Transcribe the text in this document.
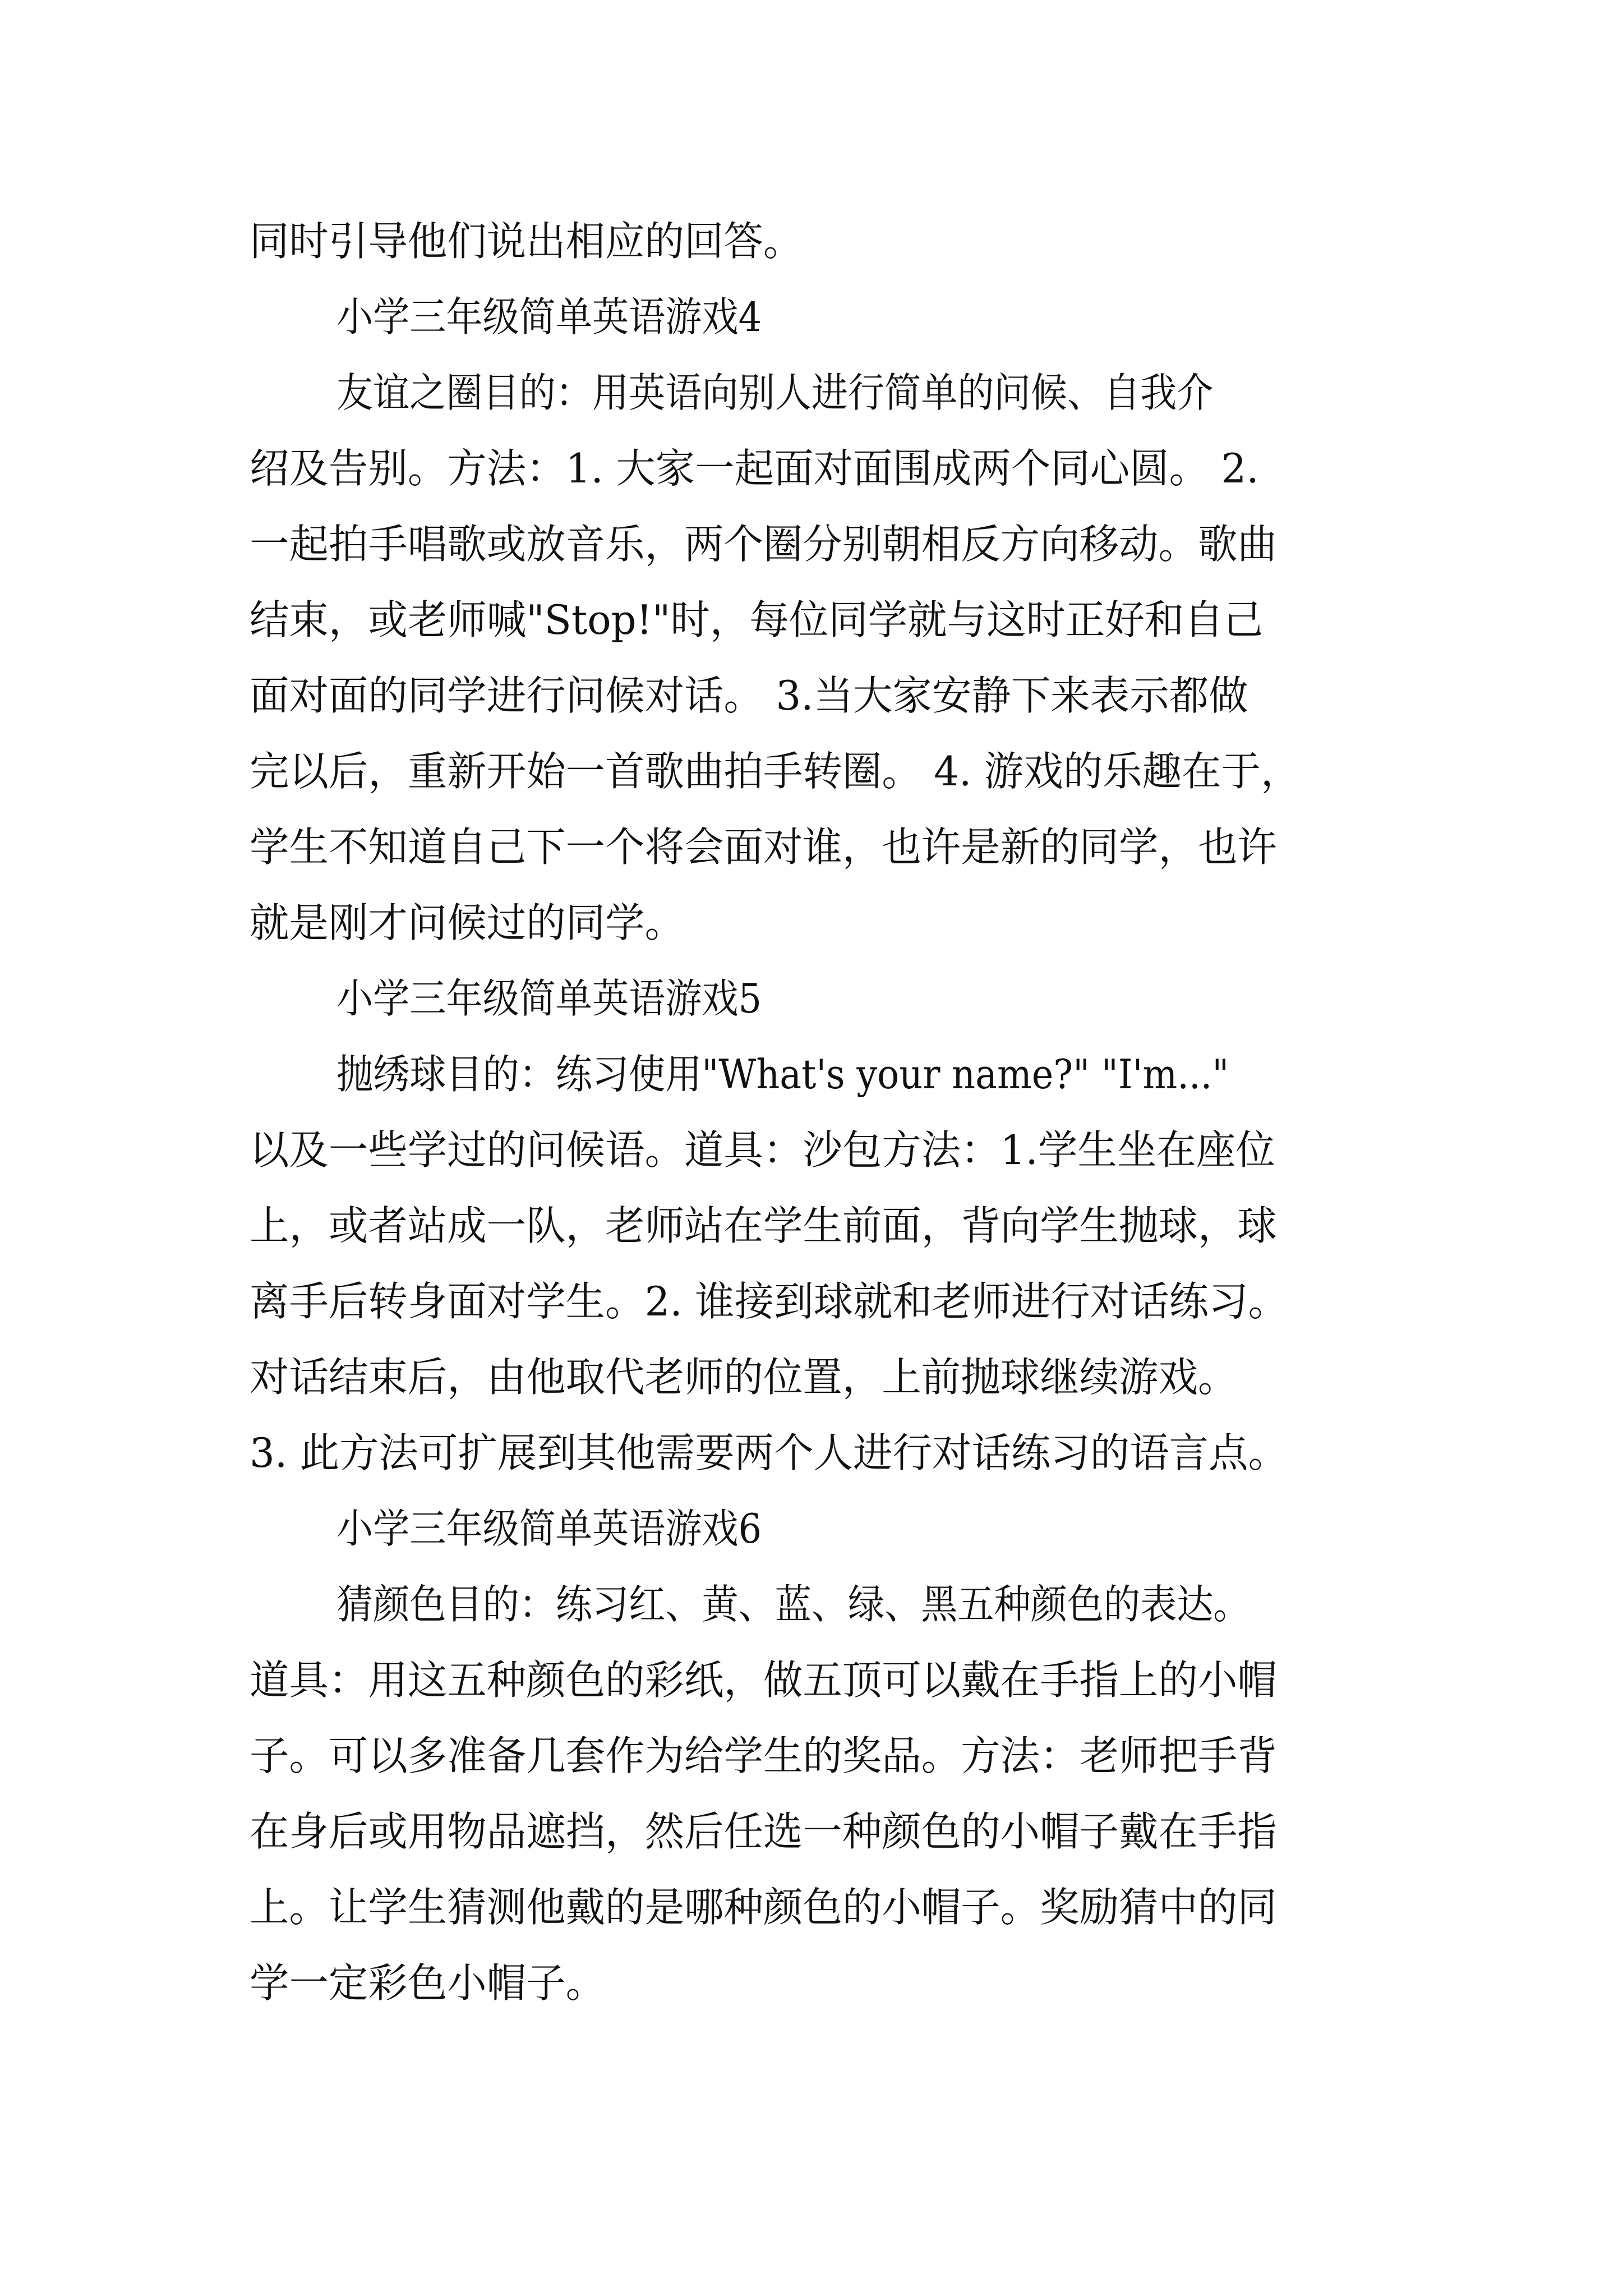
同时引导他们说出相应的回答。
小学三年级简单英语游戏4
友谊之圈目的：用英语向别人进行简单的问候、自我介
绍及告别。方法：1. 大家一起面对面围成两个同心圆。 2.
一起拍手唱歌或放音乐，两个圈分别朝相反方向移动。歌曲
结束，或老师喊"Stop!"时，每位同学就与这时正好和自己
面对面的同学进行问候对话。 3.当大家安静下来表示都做
完以后，重新开始一首歌曲拍手转圈。 4. 游戏的乐趣在于，
学生不知道自己下一个将会面对谁，也许是新的同学，也许
就是刚才问候过的同学。
小学三年级简单英语游戏5
抛绣球目的：练习使用"What's your name?" "I'm..."
以及一些学过的问候语。道具：沙包方法：1.学生坐在座位
上，或者站成一队，老师站在学生前面，背向学生抛球，球
离手后转身面对学生。2. 谁接到球就和老师进行对话练习。
对话结束后，由他取代老师的位置，上前抛球继续游戏。
3. 此方法可扩展到其他需要两个人进行对话练习的语言点。
小学三年级简单英语游戏6
猜颜色目的：练习红、黄、蓝、绿、黑五种颜色的表达。
道具：用这五种颜色的彩纸，做五顶可以戴在手指上的小帽
子。可以多准备几套作为给学生的奖品。方法：老师把手背
在身后或用物品遮挡，然后任选一种颜色的小帽子戴在手指
上。让学生猜测他戴的是哪种颜色的小帽子。奖励猜中的同
学一定彩色小帽子。
